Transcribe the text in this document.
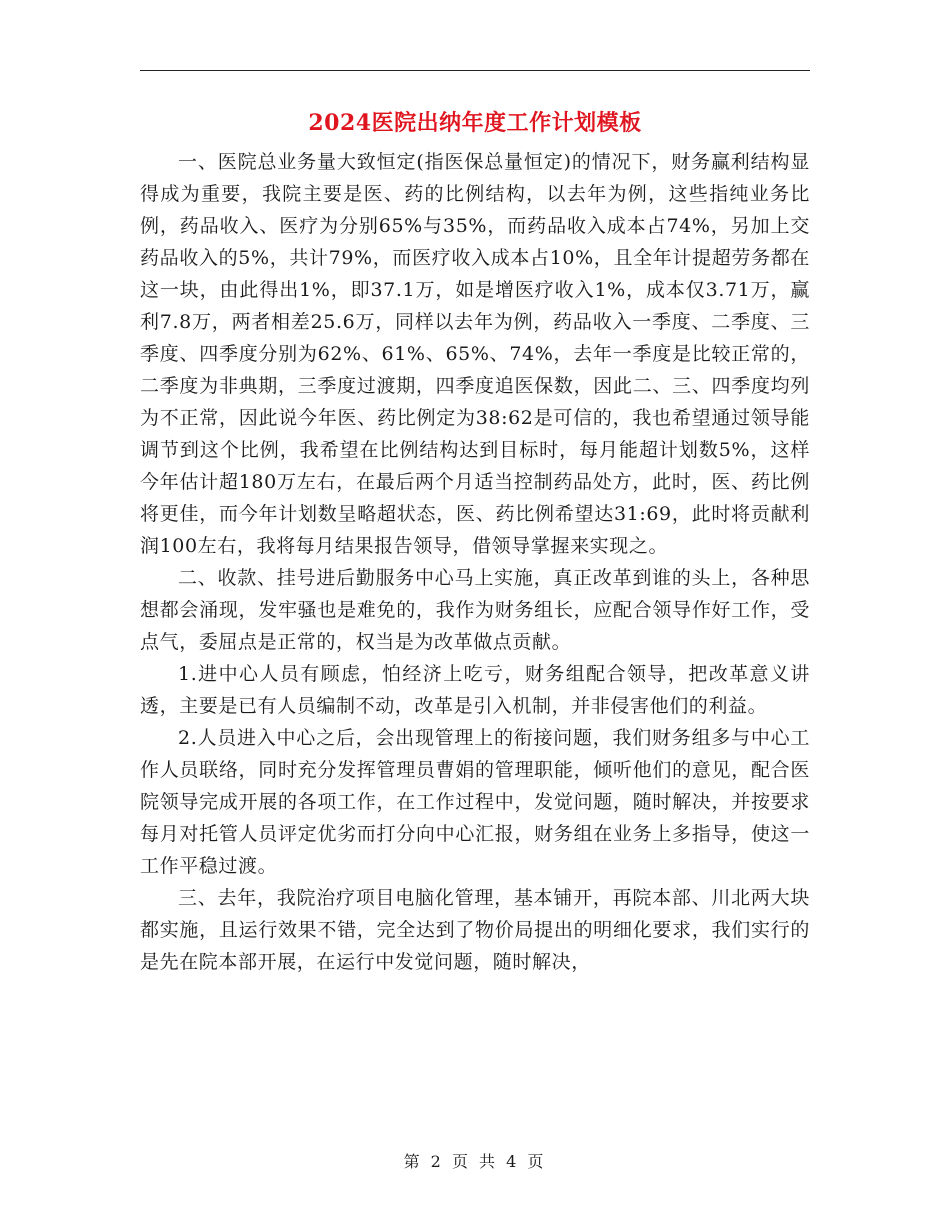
2024医院出纳年度工作计划模板

一、医院总业务量大致恒定(指医保总量恒定)的情况下，财务赢利结构显得成为重要，我院主要是医、药的比例结构，以去年为例，这些指纯业务比例，药品收入、医疗为分别65%与35%，而药品收入成本占74%，另加上交药品收入的5%，共计79%，而医疗收入成本占10%，且全年计提超劳务都在这一块，由此得出1%，即37.1万，如是增医疗收入1%，成本仅3.71万，赢利7.8万，两者相差25.6万，同样以去年为例，药品收入一季度、二季度、三季度、四季度分别为62%、61%、65%、74%，去年一季度是比较正常的，二季度为非典期，三季度过渡期，四季度追医保数，因此二、三、四季度均列为不正常，因此说今年医、药比例定为38:62是可信的，我也希望通过领导能调节到这个比例，我希望在比例结构达到目标时，每月能超计划数5%，这样今年估计超180万左右，在最后两个月适当控制药品处方，此时，医、药比例将更佳，而今年计划数呈略超状态，医、药比例希望达31:69，此时将贡献利润100左右，我将每月结果报告领导，借领导掌握来实现之。

二、收款、挂号进后勤服务中心马上实施，真正改革到谁的头上，各种思想都会涌现，发牢骚也是难免的，我作为财务组长，应配合领导作好工作，受点气，委屈点是正常的，权当是为改革做点贡献。

1.进中心人员有顾虑，怕经济上吃亏，财务组配合领导，把改革意义讲透，主要是已有人员编制不动，改革是引入机制，并非侵害他们的利益。

2.人员进入中心之后，会出现管理上的衔接问题，我们财务组多与中心工作人员联络，同时充分发挥管理员曹娟的管理职能，倾听他们的意见，配合医院领导完成开展的各项工作，在工作过程中，发觉问题，随时解决，并按要求每月对托管人员评定优劣而打分向中心汇报，财务组在业务上多指导，使这一工作平稳过渡。

三、去年，我院治疗项目电脑化管理，基本铺开，再院本部、川北两大块都实施，且运行效果不错，完全达到了物价局提出的明细化要求，我们实行的是先在院本部开展，在运行中发觉问题，随时解决，

第 2 页 共 4 页
